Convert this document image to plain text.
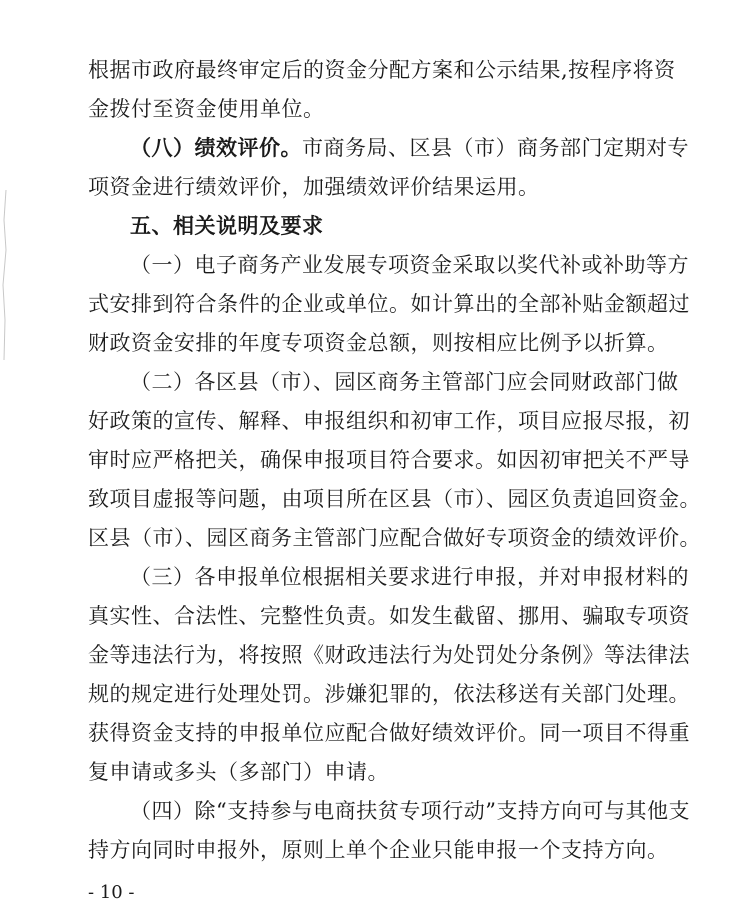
根据市政府最终审定后的资金分配方案和公示结果,按程序将资
金拨付至资金使用单位。
（八）绩效评价。市商务局、区县（市）商务部门定期对专
项资金进行绩效评价，加强绩效评价结果运用。
五、相关说明及要求
（一）电子商务产业发展专项资金采取以奖代补或补助等方
式安排到符合条件的企业或单位。如计算出的全部补贴金额超过
财政资金安排的年度专项资金总额，则按相应比例予以折算。
（二）各区县（市）、园区商务主管部门应会同财政部门做
好政策的宣传、解释、申报组织和初审工作，项目应报尽报，初
审时应严格把关，确保申报项目符合要求。如因初审把关不严导
致项目虚报等问题，由项目所在区县（市）、园区负责追回资金。
区县（市）、园区商务主管部门应配合做好专项资金的绩效评价。
（三）各申报单位根据相关要求进行申报，并对申报材料的
真实性、合法性、完整性负责。如发生截留、挪用、骗取专项资
金等违法行为，将按照《财政违法行为处罚处分条例》等法律法
规的规定进行处理处罚。涉嫌犯罪的，依法移送有关部门处理。
获得资金支持的申报单位应配合做好绩效评价。同一项目不得重
复申请或多头（多部门）申请。
（四）除“支持参与电商扶贫专项行动”支持方向可与其他支
持方向同时申报外，原则上单个企业只能申报一个支持方向。
- 10 -
